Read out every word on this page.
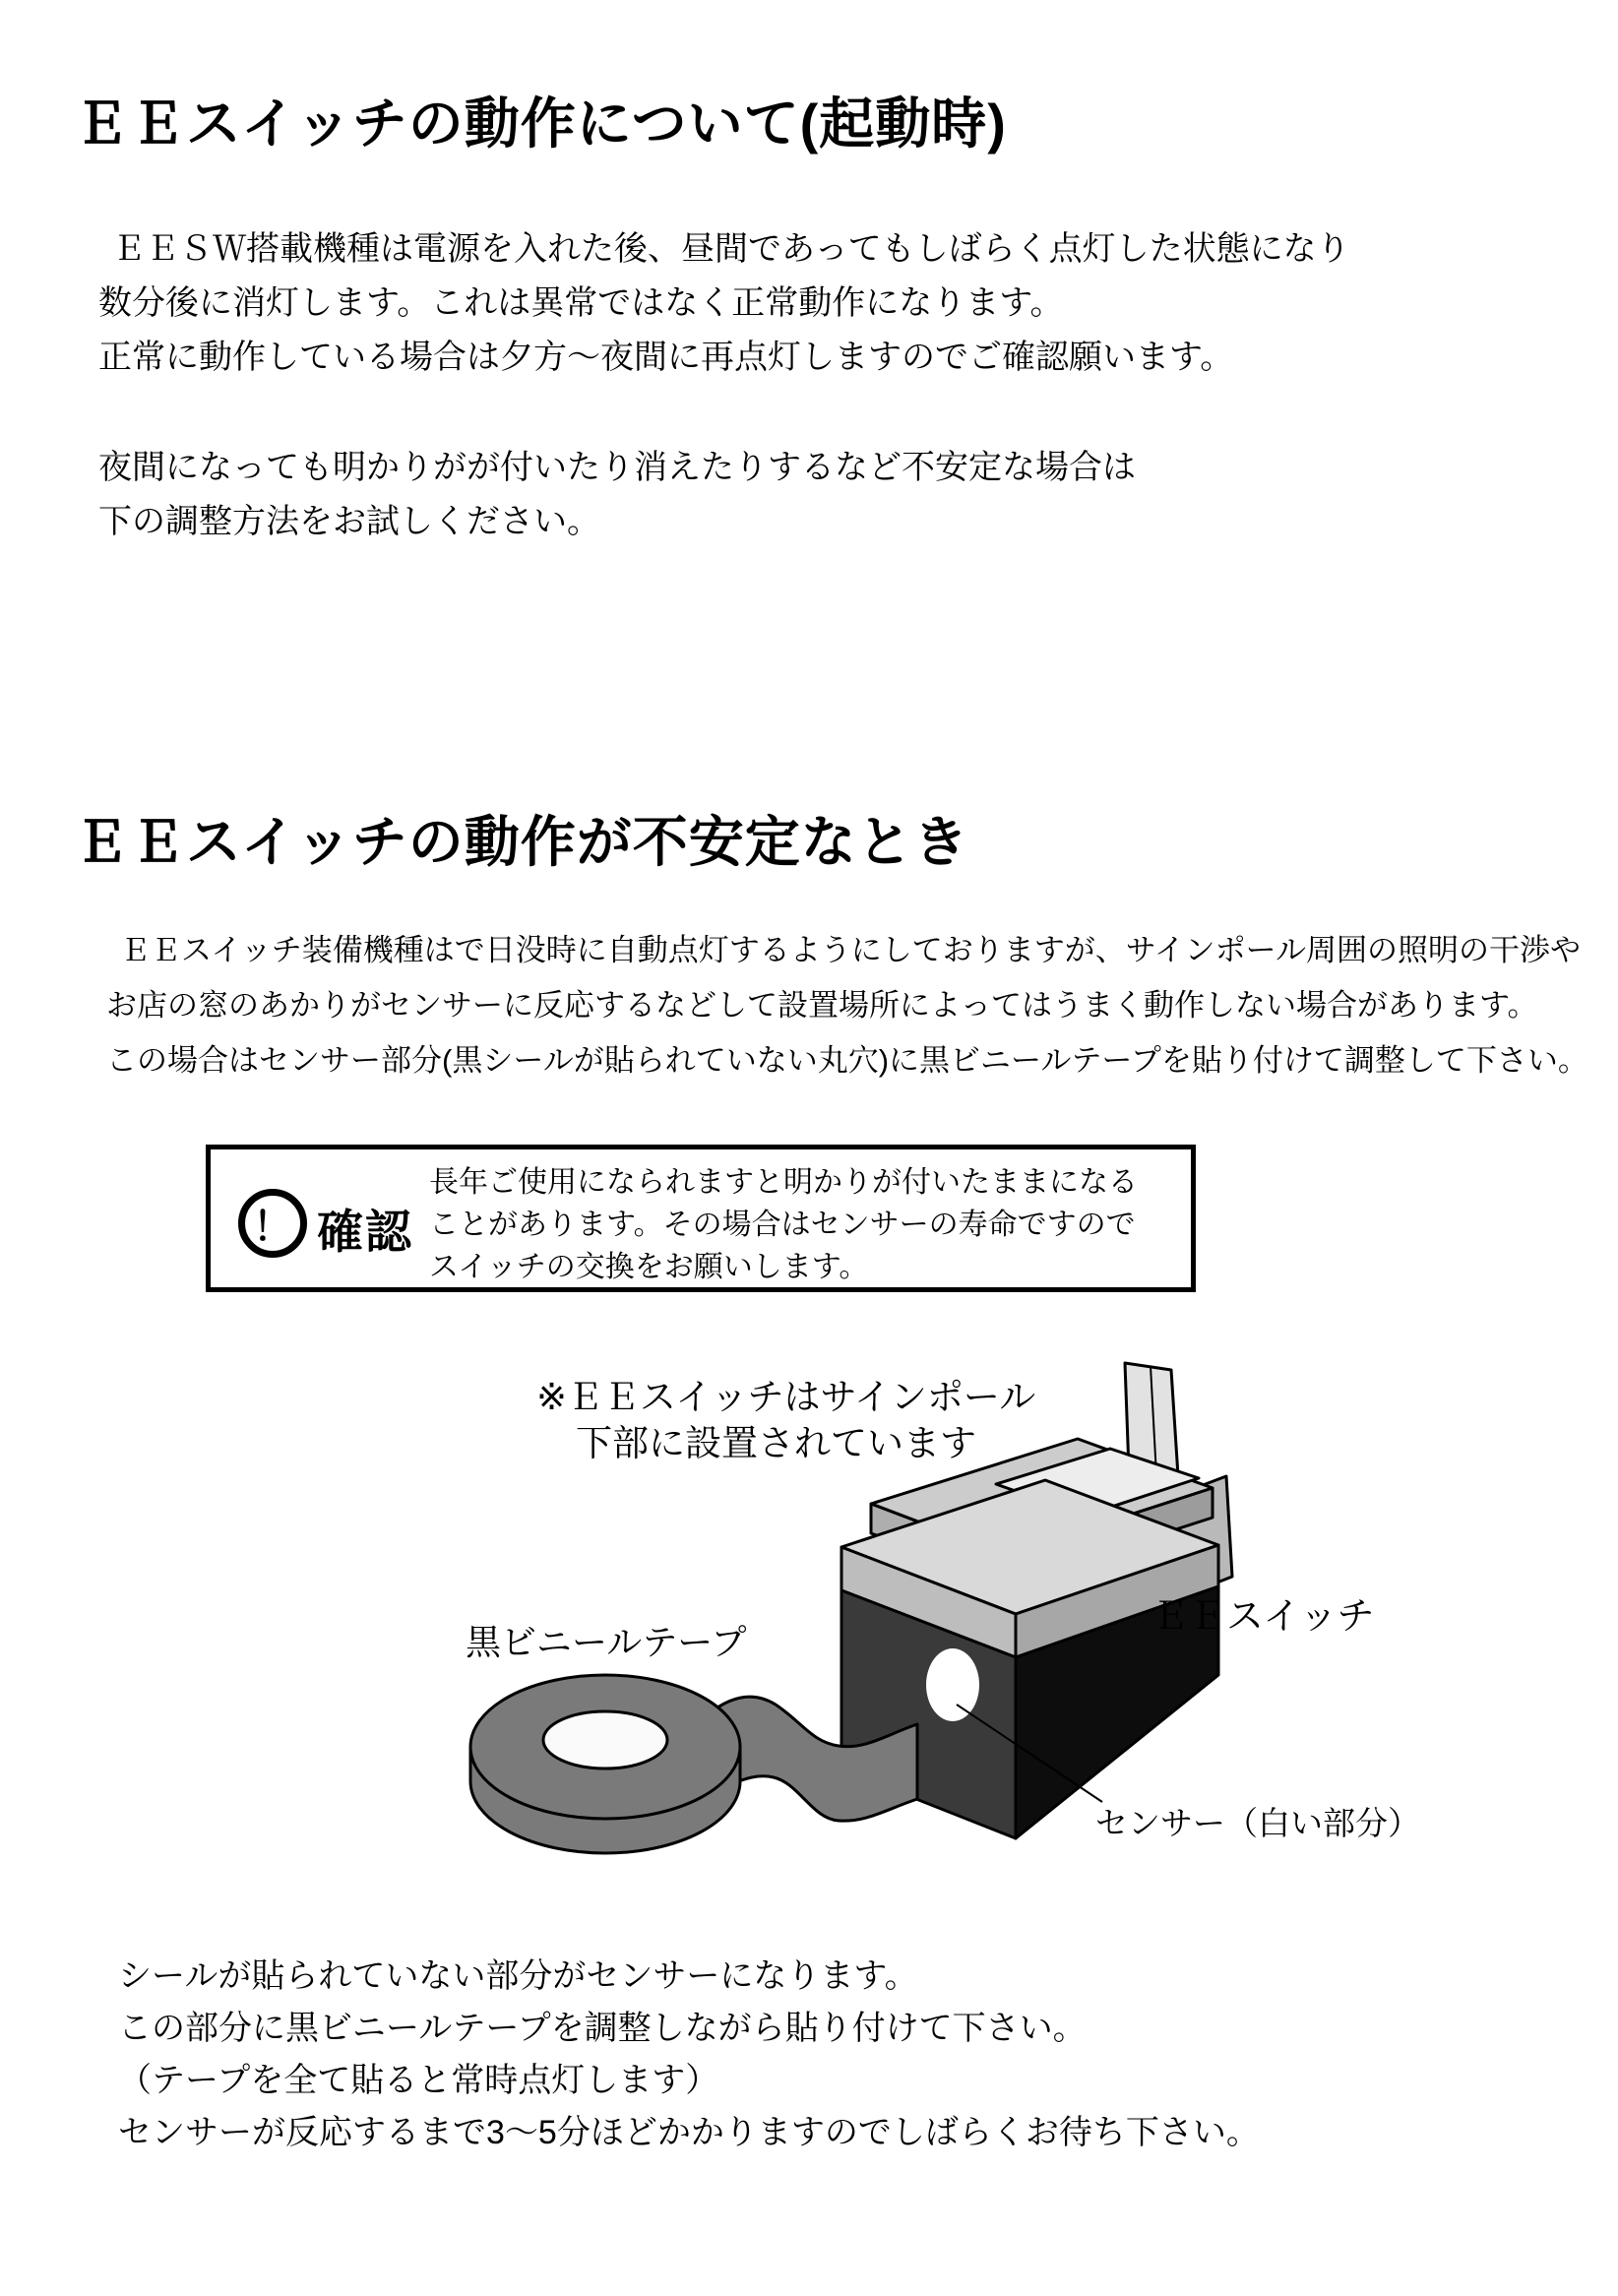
ＥＥスイッチの動作について(起動時)
ＥＥＳＷ搭載機種は電源を入れた後、昼間であってもしばらく点灯した状態になり
数分後に消灯します。これは異常ではなく正常動作になります。
正常に動作している場合は夕方～夜間に再点灯しますのでご確認願います。
夜間になっても明かりがが付いたり消えたりするなど不安定な場合は
下の調整方法をお試しください。
ＥＥスイッチの動作が不安定なとき
ＥＥスイッチ装備機種はで日没時に自動点灯するようにしておりますが、サインポール周囲の照明の干渉や
お店の窓のあかりがセンサーに反応するなどして設置場所によってはうまく動作しない場合があります。
この場合はセンサー部分(黒シールが貼られていない丸穴)に黒ビニールテープを貼り付けて調整して下さい。
！ 確認
長年ご使用になられますと明かりが付いたままになる
ことがあります。その場合はセンサーの寿命ですので
スイッチの交換をお願いします。
※ＥＥスイッチはサインポール
下部に設置されています
黒ビニールテープ
ＥＥスイッチ
センサー（白い部分）
シールが貼られていない部分がセンサーになります。
この部分に黒ビニールテープを調整しながら貼り付けて下さい。
（テープを全て貼ると常時点灯します）
センサーが反応するまで3～5分ほどかかりますのでしばらくお待ち下さい。
